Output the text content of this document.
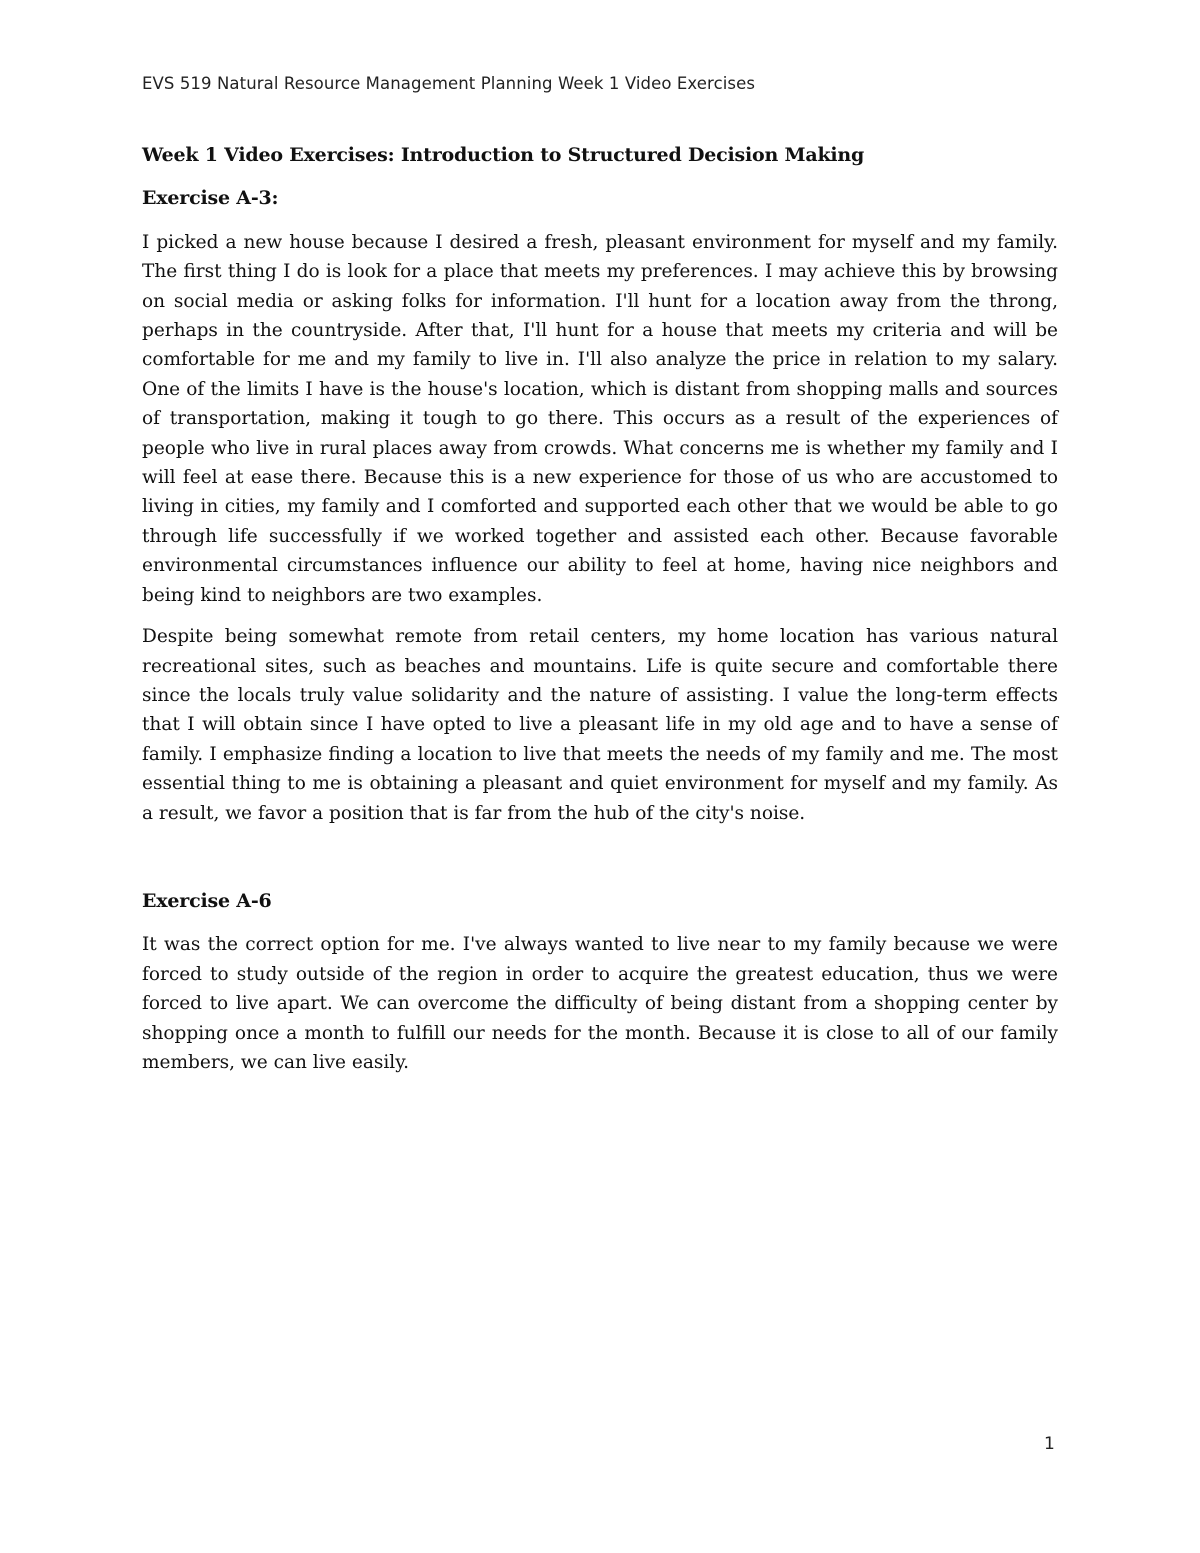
EVS 519 Natural Resource Management Planning Week 1 Video Exercises
Week 1 Video Exercises: Introduction to Structured Decision Making
Exercise A-3:

I picked a new house because I desired a fresh, pleasant environment for myself and my family. The first thing I do is look for a place that meets my preferences. I may achieve this by browsing on social media or asking folks for information. I'll hunt for a location away from the throng, perhaps in the countryside. After that, I'll hunt for a house that meets my criteria and will be comfortable for me and my family to live in. I'll also analyze the price in relation to my salary. One of the limits I have is the house's location, which is distant from shopping malls and sources of transportation, making it tough to go there. This occurs as a result of the experiences of people who live in rural places away from crowds. What concerns me is whether my family and I will feel at ease there. Because this is a new experience for those of us who are accustomed to living in cities, my family and I comforted and supported each other that we would be able to go through life successfully if we worked together and assisted each other. Because favorable environmental circumstances influence our ability to feel at home, having nice neighbors and being kind to neighbors are two examples.

Despite being somewhat remote from retail centers, my home location has various natural recreational sites, such as beaches and mountains. Life is quite secure and comfortable there since the locals truly value solidarity and the nature of assisting. I value the long-term effects that I will obtain since I have opted to live a pleasant life in my old age and to have a sense of family. I emphasize finding a location to live that meets the needs of my family and me. The most essential thing to me is obtaining a pleasant and quiet environment for myself and my family. As a result, we favor a position that is far from the hub of the city's noise.

Exercise A-6

It was the correct option for me. I've always wanted to live near to my family because we were forced to study outside of the region in order to acquire the greatest education, thus we were forced to live apart. We can overcome the difficulty of being distant from a shopping center by shopping once a month to fulfill our needs for the month. Because it is close to all of our family members, we can live easily.

1
